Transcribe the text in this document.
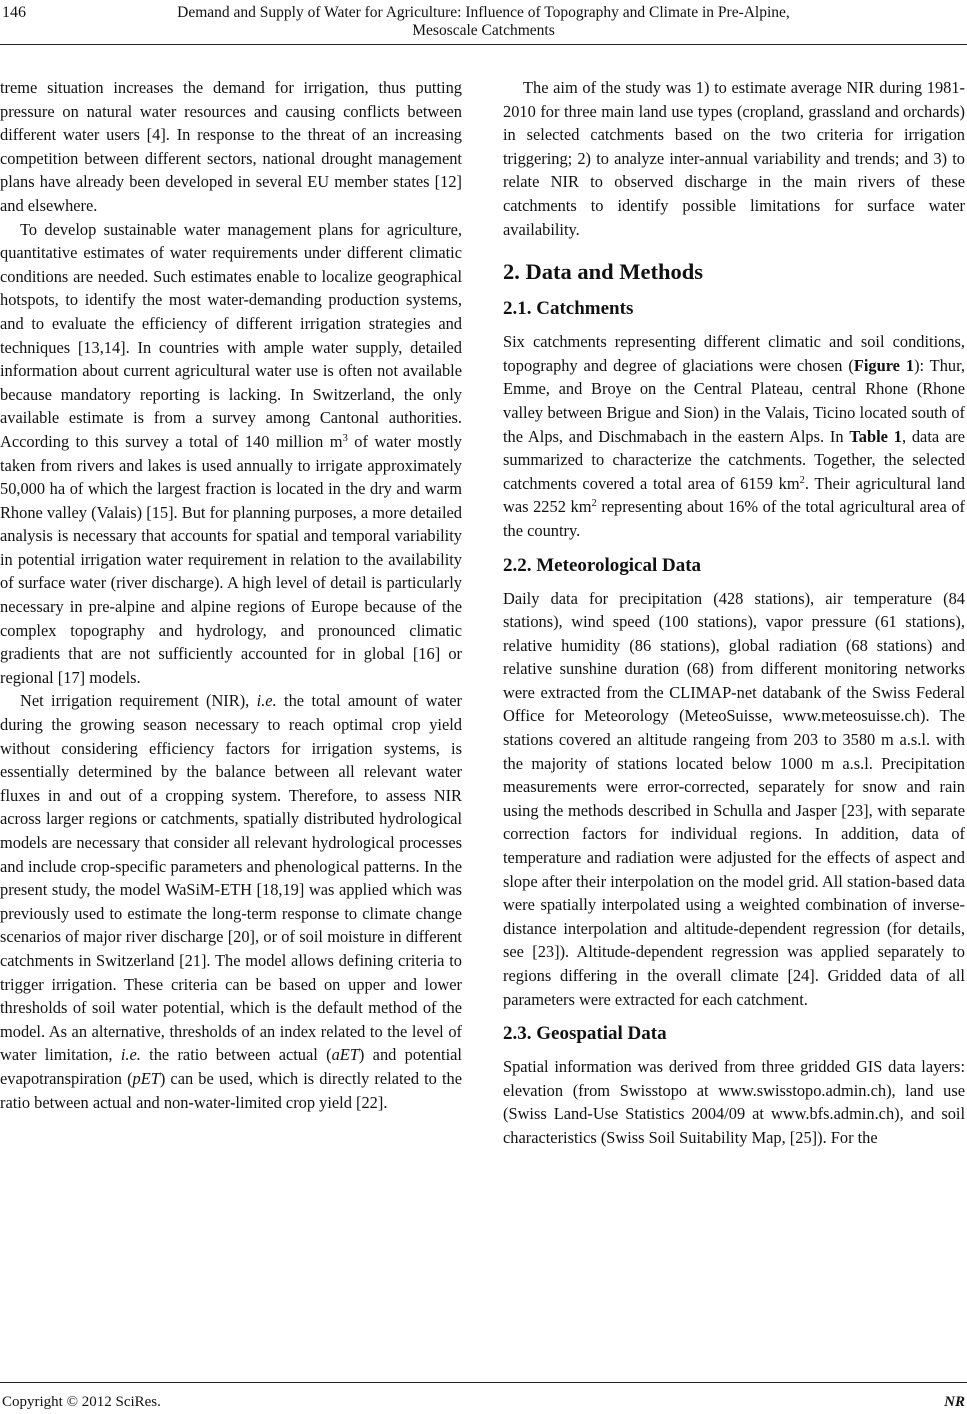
146	Demand and Supply of Water for Agriculture: Influence of Topography and Climate in Pre-Alpine,
Mesoscale Catchments

treme situation increases the demand for irrigation, thus putting pressure on natural water resources and causing conflicts between different water users [4]. In response to the threat of an increasing competition between different sectors, national drought management plans have already been developed in several EU member states [12] and elsewhere.

To develop sustainable water management plans for agriculture, quantitative estimates of water requirements under different climatic conditions are needed. Such estimates enable to localize geographical hotspots, to identify the most water-demanding production systems, and to evaluate the efficiency of different irrigation strategies and techniques [13,14]. In countries with ample water supply, detailed information about current agricultural water use is often not available because mandatory reporting is lacking. In Switzerland, the only available estimate is from a survey among Cantonal authorities. According to this survey a total of 140 million $m^3$ of water mostly taken from rivers and lakes is used annually to irrigate approximately 50,000 ha of which the largest fraction is located in the dry and warm Rhone valley (Valais) [15]. But for planning purposes, a more detailed analysis is necessary that accounts for spatial and temporal variability in potential irrigation water requirement in relation to the availability of surface water (river discharge). A high level of detail is particularly necessary in pre-alpine and alpine regions of Europe because of the complex topography and hydrology, and pronounced climatic gradients that are not sufficiently accounted for in global [16] or regional [17] models.

Net irrigation requirement (NIR), i.e. the total amount of water during the growing season necessary to reach optimal crop yield without considering efficiency factors for irrigation systems, is essentially determined by the balance between all relevant water fluxes in and out of a cropping system. Therefore, to assess NIR across larger regions or catchments, spatially distributed hydrological models are necessary that consider all relevant hydrological processes and include crop-specific parameters and phenological patterns. In the present study, the model WaSiM-ETH [18,19] was applied which was previously used to estimate the long-term response to climate change scenarios of major river discharge [20], or of soil moisture in different catchments in Switzerland [21]. The model allows defining criteria to trigger irrigation. These criteria can be based on upper and lower thresholds of soil water potential, which is the default method of the model. As an alternative, thresholds of an index related to the level of water limitation, i.e. the ratio between actual (aET) and potential evapotranspiration (pET) can be used, which is directly related to the ratio between actual and non-water-limited crop yield [22].

The aim of the study was 1) to estimate average NIR during 1981-2010 for three main land use types (cropland, grassland and orchards) in selected catchments based on the two criteria for irrigation triggering; 2) to analyze inter-annual variability and trends; and 3) to relate NIR to observed discharge in the main rivers of these catchments to identify possible limitations for surface water availability.

2. Data and Methods
2.1. Catchments

Six catchments representing different climatic and soil conditions, topography and degree of glaciations were chosen (Figure 1): Thur, Emme, and Broye on the Central Plateau, central Rhone (Rhone valley between Brigue and Sion) in the Valais, Ticino located south of the Alps, and Dischmabach in the eastern Alps. In Table 1, data are summarized to characterize the catchments. Together, the selected catchments covered a total area of 6159 $km^2$. Their agricultural land was 2252 $km^2$ representing about 16% of the total agricultural area of the country.

2.2. Meteorological Data

Daily data for precipitation (428 stations), air temperature (84 stations), wind speed (100 stations), vapor pressure (61 stations), relative humidity (86 stations), global radiation (68 stations) and relative sunshine duration (68) from different monitoring networks were extracted from the CLIMAP-net databank of the Swiss Federal Office for Meteorology (MeteoSuisse, www.meteosuisse.ch). The stations covered an altitude rangeing from 203 to 3580 m a.s.l. with the majority of stations located below 1000 m a.s.l. Precipitation measurements were error-corrected, separately for snow and rain using the methods described in Schulla and Jasper [23], with separate correction factors for individual regions. In addition, data of temperature and radiation were adjusted for the effects of aspect and slope after their interpolation on the model grid. All station-based data were spatially interpolated using a weighted combination of inverse-distance interpolation and altitude-dependent regression (for details, see [23]). Altitude-dependent regression was applied separately to regions differing in the overall climate [24]. Gridded data of all parameters were extracted for each catchment.

2.3. Geospatial Data

Spatial information was derived from three gridded GIS data layers: elevation (from Swisstopo at www.swisstopo.admin.ch), land use (Swiss Land-Use Statistics 2004/09 at www.bfs.admin.ch), and soil characteristics (Swiss Soil Suitability Map, [25]). For the

Copyright © 2012 SciRes.	NR
